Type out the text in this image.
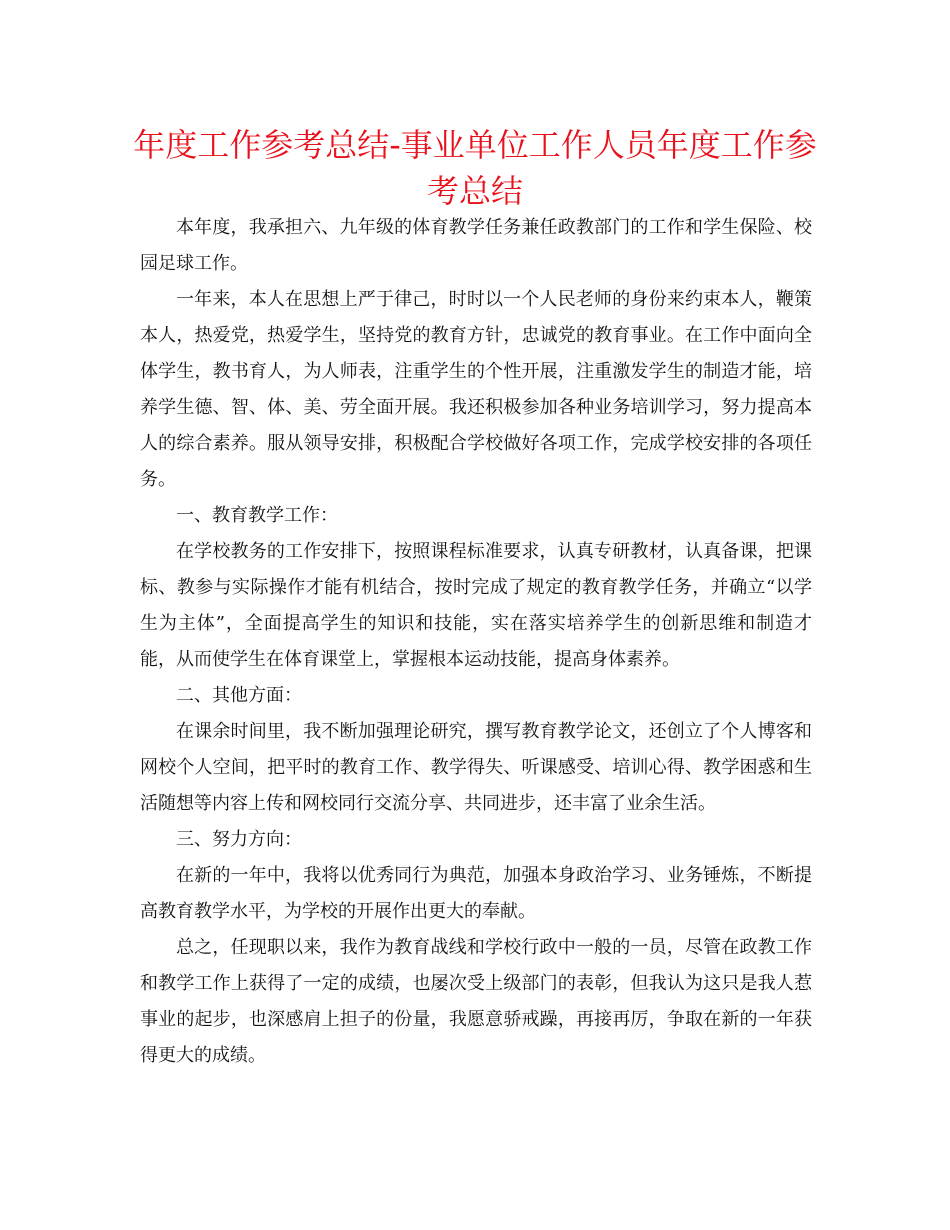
年度工作参考总结-事业单位工作人员年度工作参考总结

本年度，我承担六、九年级的体育教学任务兼任政教部门的工作和学生保险、校园足球工作。

一年来，本人在思想上严于律己，时时以一个人民老师的身份来约束本人，鞭策本人，热爱党，热爱学生，坚持党的教育方针，忠诚党的教育事业。在工作中面向全体学生，教书育人，为人师表，注重学生的个性开展，注重激发学生的制造才能，培养学生德、智、体、美、劳全面开展。我还积极参加各种业务培训学习，努力提高本人的综合素养。服从领导安排，积极配合学校做好各项工作，完成学校安排的各项任务。

一、教育教学工作：

在学校教务的工作安排下，按照课程标准要求，认真专研教材，认真备课，把课标、教参与实际操作才能有机结合，按时完成了规定的教育教学任务，并确立“以学生为主体”，全面提高学生的知识和技能，实在落实培养学生的创新思维和制造才能，从而使学生在体育课堂上，掌握根本运动技能，提高身体素养。

二、其他方面：

在课余时间里，我不断加强理论研究，撰写教育教学论文，还创立了个人博客和网校个人空间，把平时的教育工作、教学得失、听课感受、培训心得、教学困惑和生活随想等内容上传和网校同行交流分享、共同进步，还丰富了业余生活。

三、努力方向：

在新的一年中，我将以优秀同行为典范，加强本身政治学习、业务锤炼，不断提高教育教学水平，为学校的开展作出更大的奉献。

总之，任现职以来，我作为教育战线和学校行政中一般的一员，尽管在政教工作和教学工作上获得了一定的成绩，也屡次受上级部门的表彰，但我认为这只是我人惹事业的起步，也深感肩上担子的份量，我愿意骄戒躁，再接再厉，争取在新的一年获得更大的成绩。
